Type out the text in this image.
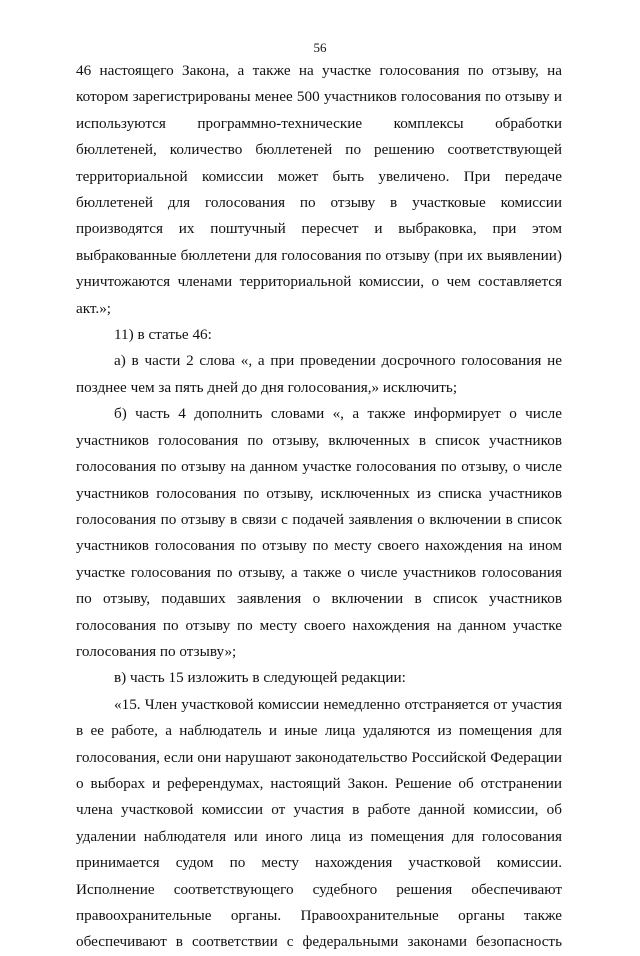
56

46 настоящего Закона, а также на участке голосования по отзыву, на котором зарегистрированы менее 500 участников голосования по отзыву и используются программно-технические комплексы обработки бюллетеней, количество бюллетеней по решению соответствующей территориальной комиссии может быть увеличено. При передаче бюллетеней для голосования по отзыву в участковые комиссии производятся их поштучный пересчет и выбраковка, при этом выбракованные бюллетени для голосования по отзыву (при их выявлении) уничтожаются членами территориальной комиссии, о чем составляется акт.»;

11) в статье 46:

а) в части 2 слова «, а при проведении досрочного голосования не позднее чем за пять дней до дня голосования,» исключить;

б) часть 4 дополнить словами «, а также информирует о числе участников голосования по отзыву, включенных в список участников голосования по отзыву на данном участке голосования по отзыву, о числе участников голосования по отзыву, исключенных из списка участников голосования по отзыву в связи с подачей заявления о включении в список участников голосования по отзыву по месту своего нахождения на ином участке голосования по отзыву, а также о числе участников голосования по отзыву, подавших заявления о включении в список участников голосования по отзыву по месту своего нахождения на данном участке голосования по отзыву»;

в) часть 15 изложить в следующей редакции:

«15. Член участковой комиссии немедленно отстраняется от участия в ее работе, а наблюдатель и иные лица удаляются из помещения для голосования, если они нарушают законодательство Российской Федерации о выборах и референдумах, настоящий Закон. Решение об отстранении члена участковой комиссии от участия в работе данной комиссии, об удалении наблюдателя или иного лица из помещения для голосования принимается судом по месту нахождения участковой комиссии. Исполнение соответствующего судебного решения обеспечивают правоохранительные органы. Правоохранительные органы также обеспечивают в соответствии с федеральными законами безопасность
